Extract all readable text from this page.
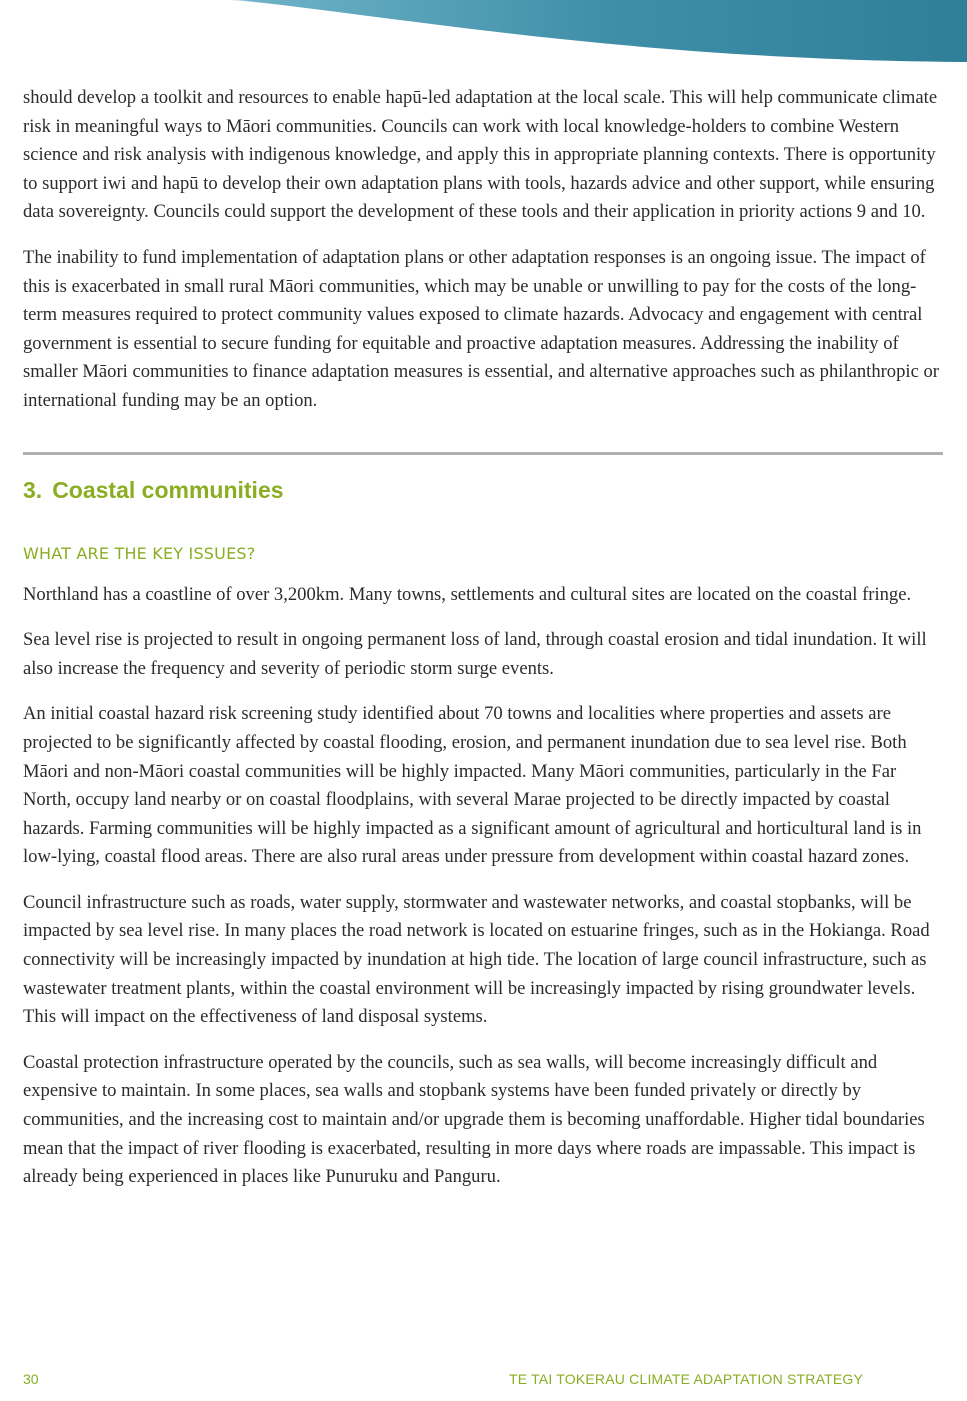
should develop a toolkit and resources to enable hapū-led adaptation at the local scale. This will help communicate climate risk in meaningful ways to Māori communities. Councils can work with local knowledge-holders to combine Western science and risk analysis with indigenous knowledge, and apply this in appropriate planning contexts. There is opportunity to support iwi and hapū to develop their own adaptation plans with tools, hazards advice and other support, while ensuring data sovereignty. Councils could support the development of these tools and their application in priority actions 9 and 10.

The inability to fund implementation of adaptation plans or other adaptation responses is an ongoing issue. The impact of this is exacerbated in small rural Māori communities, which may be unable or unwilling to pay for the costs of the long-term measures required to protect community values exposed to climate hazards. Advocacy and engagement with central government is essential to secure funding for equitable and proactive adaptation measures. Addressing the inability of smaller Māori communities to finance adaptation measures is essential, and alternative approaches such as philanthropic or international funding may be an option.

3. Coastal communities
WHAT ARE THE KEY ISSUES?

Northland has a coastline of over 3,200km. Many towns, settlements and cultural sites are located on the coastal fringe.

Sea level rise is projected to result in ongoing permanent loss of land, through coastal erosion and tidal inundation. It will also increase the frequency and severity of periodic storm surge events.

An initial coastal hazard risk screening study identified about 70 towns and localities where properties and assets are projected to be significantly affected by coastal flooding, erosion, and permanent inundation due to sea level rise. Both Māori and non-Māori coastal communities will be highly impacted. Many Māori communities, particularly in the Far North, occupy land nearby or on coastal floodplains, with several Marae projected to be directly impacted by coastal hazards. Farming communities will be highly impacted as a significant amount of agricultural and horticultural land is in low-lying, coastal flood areas. There are also rural areas under pressure from development within coastal hazard zones.

Council infrastructure such as roads, water supply, stormwater and wastewater networks, and coastal stopbanks, will be impacted by sea level rise. In many places the road network is located on estuarine fringes, such as in the Hokianga. Road connectivity will be increasingly impacted by inundation at high tide. The location of large council infrastructure, such as wastewater treatment plants, within the coastal environment will be increasingly impacted by rising groundwater levels. This will impact on the effectiveness of land disposal systems.

Coastal protection infrastructure operated by the councils, such as sea walls, will become increasingly difficult and expensive to maintain. In some places, sea walls and stopbank systems have been funded privately or directly by communities, and the increasing cost to maintain and/or upgrade them is becoming unaffordable. Higher tidal boundaries mean that the impact of river flooding is exacerbated, resulting in more days where roads are impassable. This impact is already being experienced in places like Punuruku and Panguru.

30	TE TAI TOKERAU CLIMATE ADAPTATION STRATEGY
